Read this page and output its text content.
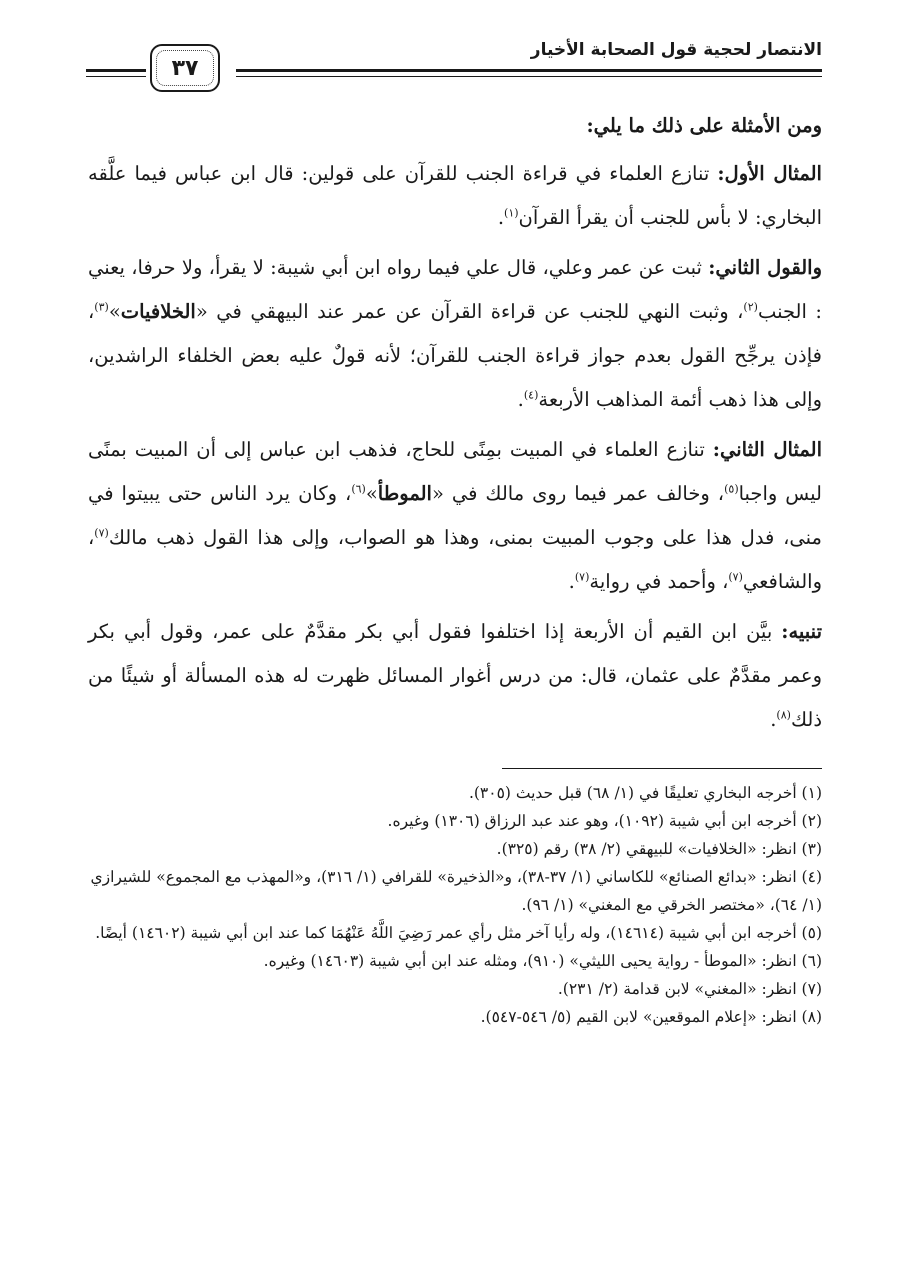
الانتصار لحجية قول الصحابة الأخيار
٣٧

ومن الأمثلة على ذلك ما يلي:

المثال الأول: تنازع العلماء في قراءة الجنب للقرآن على قولين: قال ابن عباس فيما علَّقه البخاري: لا بأس للجنب أن يقرأ القرآن$^{(١)}$.

والقول الثاني: ثبت عن عمر وعلي، قال علي فيما رواه ابن أبي شيبة: لا يقرأ، ولا حرفا، يعني : الجنب$^{(٢)}$، وثبت النهي للجنب عن قراءة القرآن عن عمر عند البيهقي في «الخلافيات»$^{(٣)}$، فإذن يرجِّح القول بعدم جواز قراءة الجنب للقرآن؛ لأنه قولٌ عليه بعض الخلفاء الراشدين، وإلى هذا ذهب أئمة المذاهب الأربعة$^{(٤)}$.

المثال الثاني: تنازع العلماء في المبيت بمِنًى للحاج، فذهب ابن عباس إلى أن المبيت بمنًى ليس واجبا$^{(٥)}$، وخالف عمر فيما روى مالك في «الموطأ»$^{(٦)}$، وكان يرد الناس حتى يبيتوا في منى، فدل هذا على وجوب المبيت بمنى، وهذا هو الصواب، وإلى هذا القول ذهب مالك$^{(٧)}$، والشافعي$^{(٧)}$، وأحمد في رواية$^{(٧)}$.

تنبيه: بيَّن ابن القيم أن الأربعة إذا اختلفوا فقول أبي بكر مقدَّمٌ على عمر، وقول أبي بكر وعمر مقدَّمٌ على عثمان، قال: من درس أغوار المسائل ظهرت له هذه المسألة أو شيئًا من ذلك$^{(٨)}$.

(١) أخرجه البخاري تعليقًا في (١/ ٦٨) قبل حديث (٣٠٥).

(٢) أخرجه ابن أبي شيبة (١٠٩٢)، وهو عند عبد الرزاق (١٣٠٦) وغيره.

(٣) انظر: «الخلافيات» للبيهقي (٢/ ٣٨) رقم (٣٢٥).

(٤) انظر: «بدائع الصنائع» للكاساني (١/ ٣٧-٣٨)، و«الذخيرة» للقرافي (١/ ٣١٦)، و«المهذب مع المجموع» للشيرازي (١/ ٦٤)، «مختصر الخرقي مع المغني» (١/ ٩٦).

(٥) أخرجه ابن أبي شيبة (١٤٦١٤)، وله رأيا آخر مثل رأي عمر رَضِيَ اللَّهُ عَنْهُمَا كما عند ابن أبي شيبة (١٤٦٠٢) أيضًا.

(٦) انظر: «الموطأ - رواية يحيى الليثي» (٩١٠)، ومثله عند ابن أبي شيبة (١٤٦٠٣) وغيره.

(٧) انظر: «المغني» لابن قدامة (٢/ ٢٣١).

(٨) انظر: «إعلام الموقعين» لابن القيم (٥/ ٥٤٦-٥٤٧).
